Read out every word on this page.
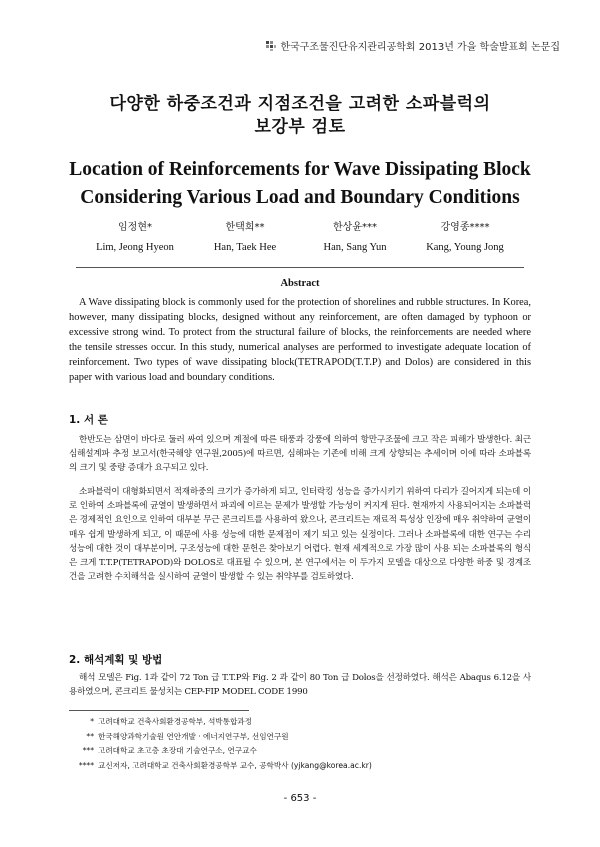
한국구조물진단유지관리공학회 2013년 가을 학술발표회 논문집
다양한 하중조건과 지점조건을 고려한 소파블럭의
보강부 검토
Location of Reinforcements for Wave Dissipating Block
Considering Various Load and Boundary Conditions
임정현*
Lim, Jeong Hyeon
한택희**
Han, Taek Hee
한상윤***
Han, Sang Yun
강영종****
Kang, Young Jong
Abstract

A Wave dissipating block is commonly used for the protection of shorelines and rubble structures. In Korea, however, many dissipating blocks, designed without any reinforcement, are often damaged by typhoon or excessive strong wind. To protect from the structural failure of blocks, the reinforcements are needed where the tensile stresses occur. In this study, numerical analyses are performed to investigate adequate location of reinforcement. Two types of wave dissipating block(TETRAPOD(T.T.P) and Dolos) are considered in this paper with various load and boundary conditions.

1. 서 론

한반도는 삼면이 바다로 둘러 싸여 있으며 계절에 따른 태풍과 강풍에 의하여 항만구조물에 크고 작은 피해가 발생한다. 최근 심해설계파 추정 보고서(한국해양 연구원,2005)에 따르면, 심해파는 기존에 비해 크게 상향되는 추세이며 이에 따라 소파블록의 크기 및 중량 증대가 요구되고 있다.

소파블럭이 대형화되면서 적재하중의 크기가 증가하게 되고, 인터락킹 성능을 증가시키기 위하여 다리가 길어지게 되는데 이로 인하여 소파블록에 균열이 발생하면서 파괴에 이르는 문제가 발생할 가능성이 커지게 된다. 현재까지 사용되어지는 소파블럭은 경제적인 요인으로 인하여 대부분 무근 콘크리트를 사용하여 왔으나, 콘크리트는 재료적 특성상 인장에 매우 취약하여 균열이 매우 쉽게 발생하게 되고, 이 때문에 사용 성능에 대한 문제점이 제기 되고 있는 실정이다. 그러나 소파블록에 대한 연구는 수리성능에 대한 것이 대부분이며, 구조성능에 대한 문헌은 찾아보기 어렵다. 현재 세계적으로 가장 많이 사용 되는 소파블록의 형식은 크게 T.T.P(TETRAPOD)와 DOLOS로 대표될 수 있으며, 본 연구에서는 이 두가지 모델을 대상으로 다양한 하중 및 경계조건을 고려한 수치해석을 실시하여 균열이 발생할 수 있는 취약부를 검토하였다.

2. 해석계획 및 방법

해석 모델은 Fig. 1과 같이 72 Ton 급 T.T.P와 Fig. 2 과 같이 80 Ton 급 Dolos을 선정하였다. 해석은 Abaqus 6.12을 사용하였으며, 콘크리트 물성치는 CEP-FIP MODEL CODE 1990

* 고려대학교 건축사회환경공학부, 석박통합과정
** 한국해양과학기술원 연안개발 · 에너지연구부, 선임연구원
*** 고려대학교 초고층 초장대 기술연구소, 연구교수
**** 교신저자, 고려대학교 건축사회환경공학부 교수, 공학박사 (yjkang@korea.ac.kr)
- 653 -
